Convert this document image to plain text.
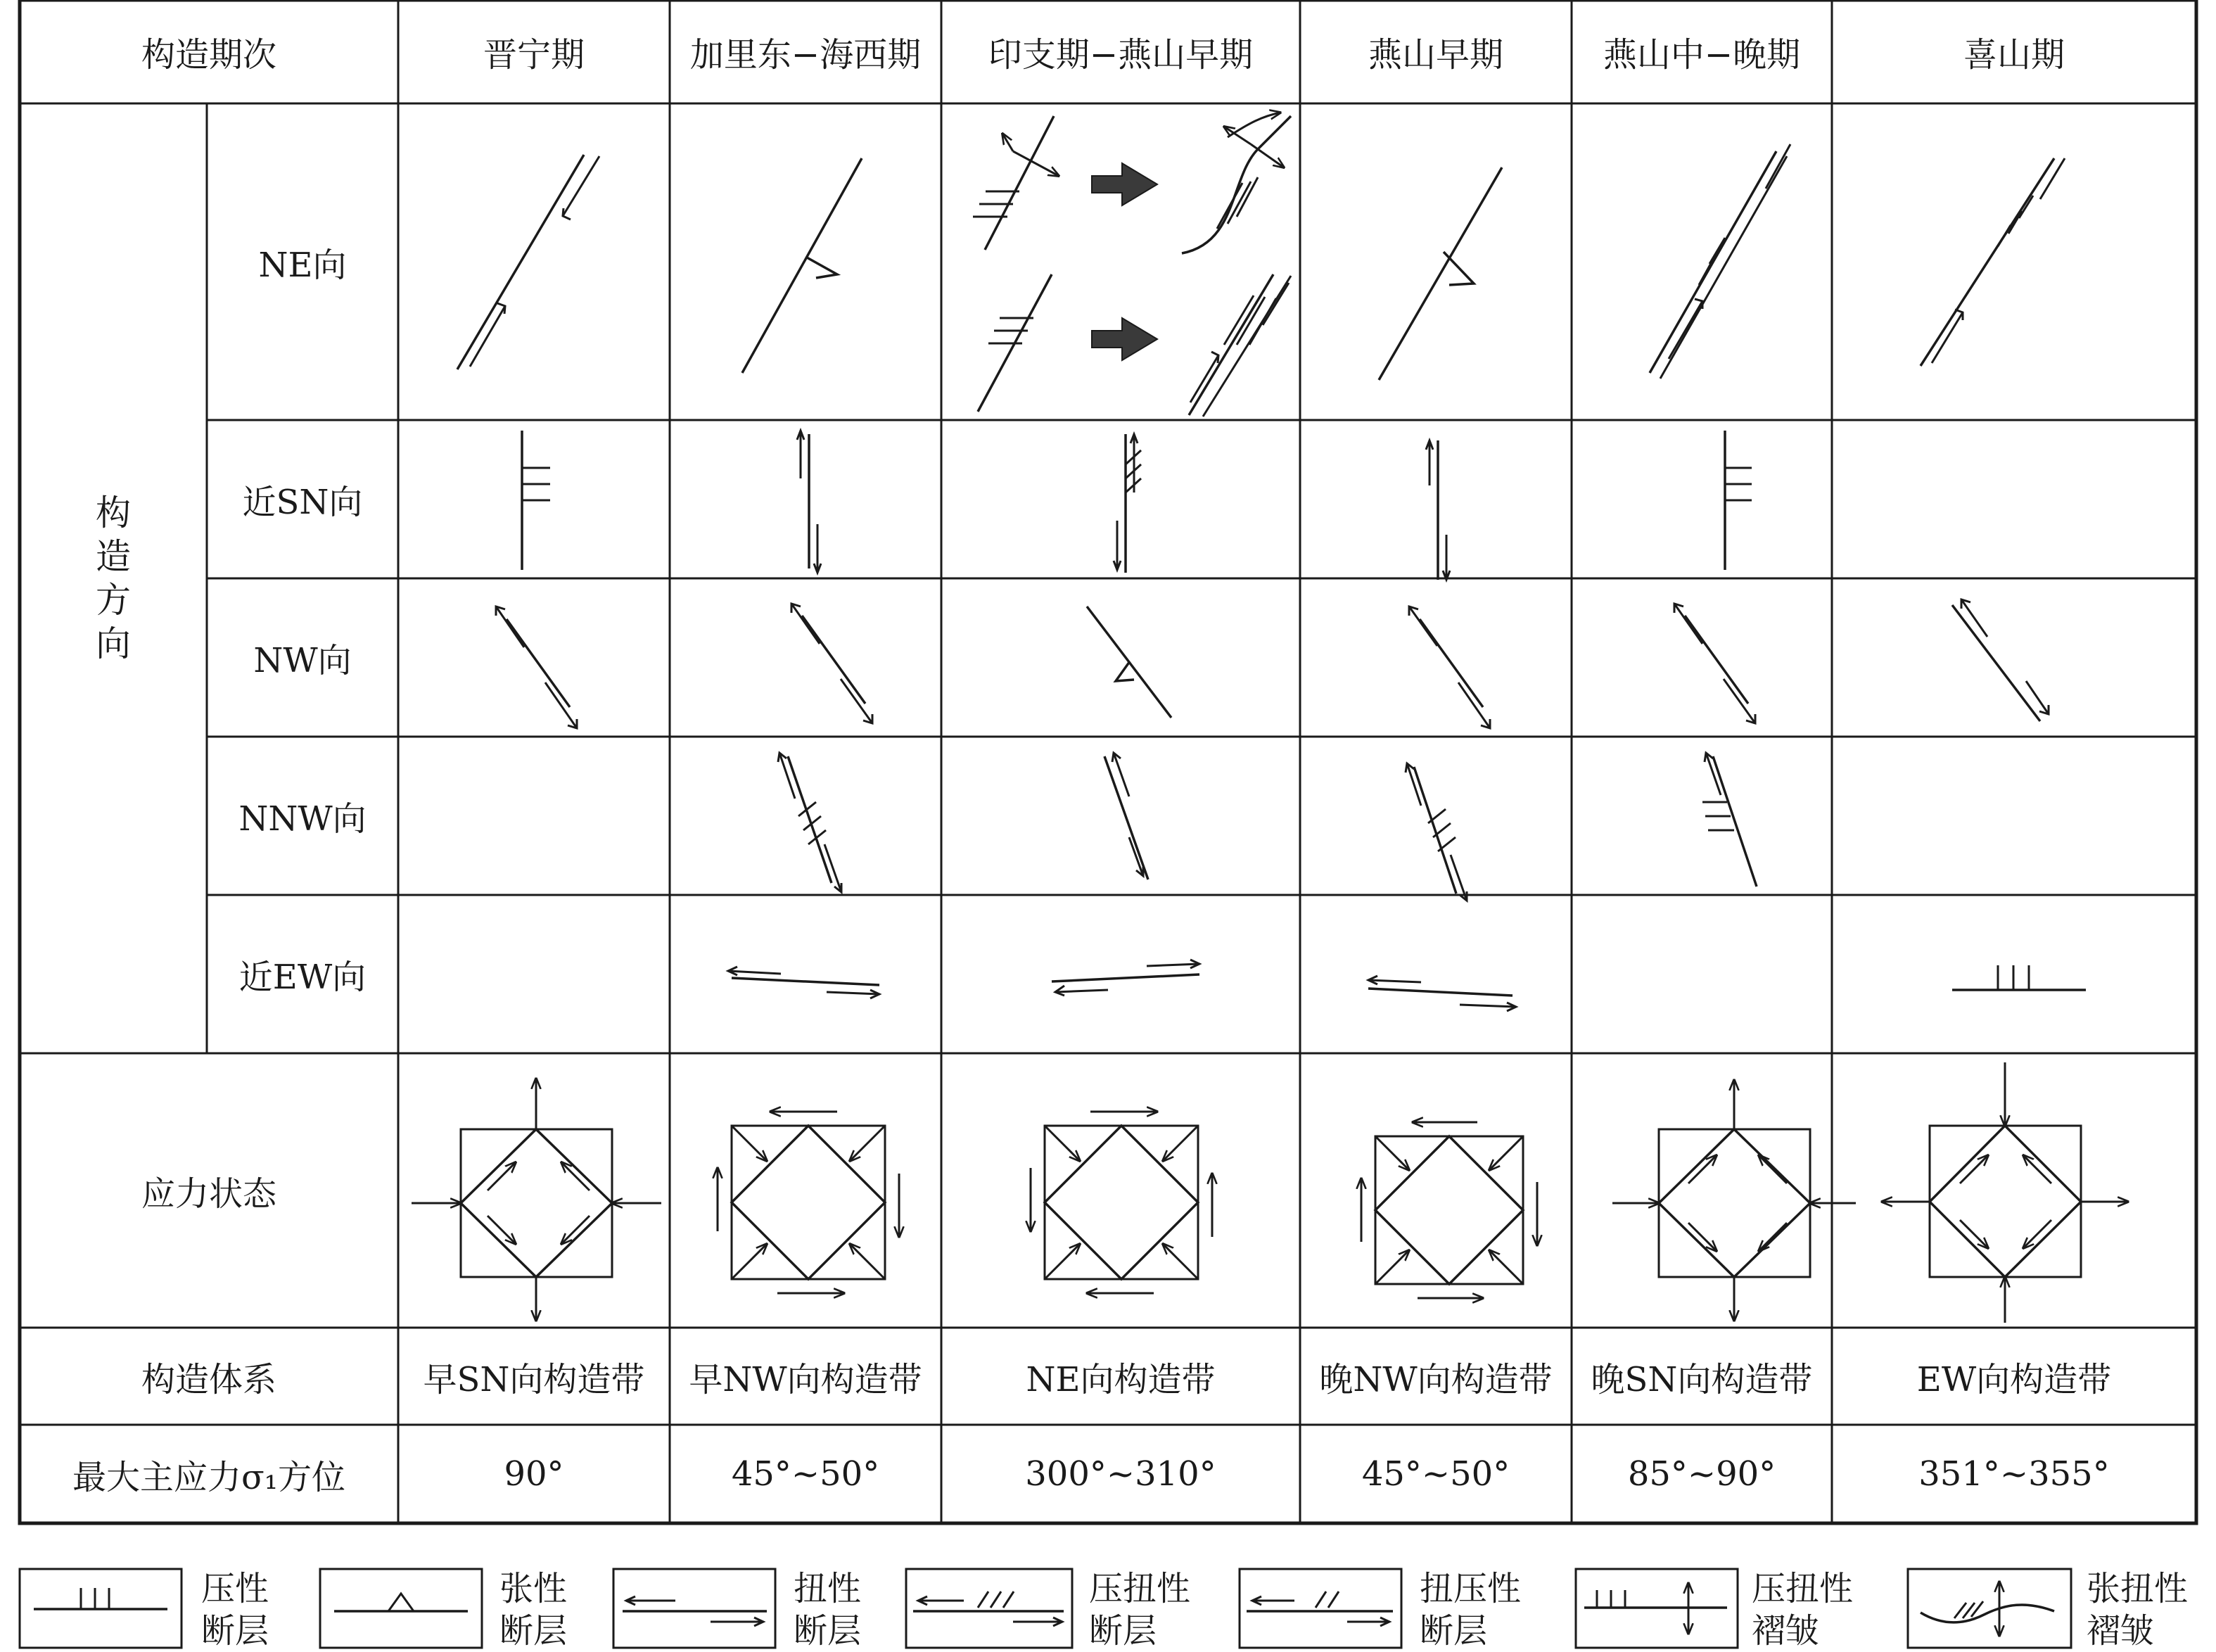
构造期次	晋宁期	加里东−海西期	印支期−燕山早期	燕山早期	燕山中−晚期	喜山期
构
造
方
向
NE向
近SN向
NW向
NNW向
近EW向
应力状态
构造体系	早SN向构造带	早NW向构造带	NE向构造带	晚NW向构造带	晚SN向构造带	EW向构造带
最大主应力σ₁方位	90°	45°~50°	300°~310°	45°~50°	85°~90°	351°~355°
压性
断层
张性
断层
扭性
断层
压扭性
断层
扭压性
断层
压扭性
褶皱
张扭性
褶皱
